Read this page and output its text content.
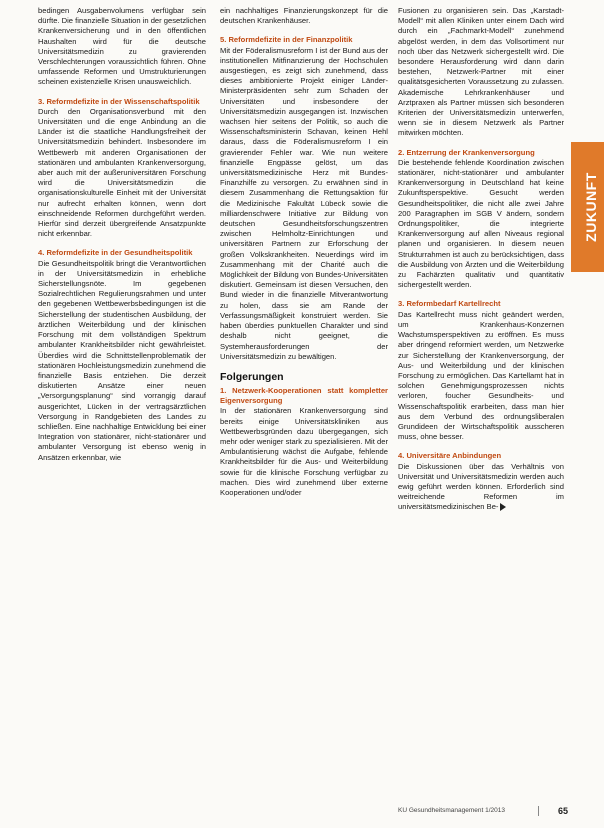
bedingen Ausgabenvolumens verfügbar sein dürfte. Die finanzielle Situation in der gesetzlichen Krankenversicherung und in den öffentlichen Haushalten wird für die deutsche Universitätsmedizin zu gravierenden Verschlechterungen voraussichtlich führen. Ohne umfassende Reformen und Umstrukturierungen scheinen existenzielle Krisen unausweichlich.

3. Reformdefizite in der Wissenschaftspolitik

Durch den Organisationsverbund mit den Universitäten und die enge Anbindung an die Länder ist die staatliche Handlungsfreiheit der Universitätsmedizin behindert. Insbesondere im Wettbewerb mit anderen Organisationen der stationären und ambulanten Krankenversorgung, aber auch mit der außeruniversitären Forschung wird die Universitätsmedizin die organisationskulturelle Einheit mit der Universität nur aufrecht erhalten können, wenn dort einschneidende Reformen durchgeführt werden. Hierfür sind derzeit übergreifende Ansatzpunkte nicht erkennbar.

4. Reformdefizite in der Gesundheitspolitik

Die Gesundheitspolitik bringt die Verantwortlichen in der Universitätsmedizin in erhebliche Sicherstellungsnöte. Im gegebenen Sozialrechtlichen Regulierungsrahmen und unter den gegebenen Wettbewerbsbedingungen ist die Sicherstellung der studentischen Ausbildung, der ärztlichen Weiterbildung und der klinischen Forschung mit dem vollständigen Spektrum ambulanter Krankheitsbilder nicht gewährleistet. Überdies wird die Schnittstellenproblematik der stationären Hochleistungsmedizin zunehmend die finanzielle Basis entziehen. Die derzeit diskutierten Ansätze einer neuen „Versorgungsplanung“ sind vorrangig darauf ausgerichtet, Lücken in der vertragsärztlichen Versorgung in Randgebieten des Landes zu schließen. Eine nachhaltige Entwicklung bei einer Integration von stationärer, nicht-stationärer und ambulanter Versorgung ist ebenso wenig in Ansätzen erkennbar, wie

ein nachhaltiges Finanzierungskonzept für die deutschen Krankenhäuser.

5. Reformdefizite in der Finanzpolitik

Mit der Föderalismusreform I ist der Bund aus der institutionellen Mitfinanzierung der Hochschulen ausgestiegen, es zeigt sich zunehmend, dass dieses ambitionierte Projekt einiger Länder-Ministerpräsidenten sehr zum Schaden der Universitäten und insbesondere der Universitätsmedizin ausgegangen ist. Inzwischen wachsen hier seitens der Politik, so auch die Wissenschaftsministerin Schavan, keinen Hehl daraus, dass die Föderalismusreform I ein gravierender Fehler war. Wie nun weitere finanzielle Engpässe gelöst, um das universitätsmedizinische Herz mit Bundes-Finanzhilfe zu versorgen. Zu erwähnen sind in diesem Zusammenhang die Rettungsaktion für die Medizinische Fakultät Lübeck sowie die milliardenschwere Initiative zur Bildung von deutschen Gesundheitsforschungszentren zwischen Helmholtz-Einrichtungen und universitären Partnern zur Erforschung der großen Volkskrankheiten. Neuerdings wird im Zusammenhang mit der Charité auch die Möglichkeit der Bildung von Bundes-Universitäten diskutiert. Gemeinsam ist diesen Versuchen, den Bund wieder in die finanzielle Mitverantwortung zu holen, dass sie am Rande der Verfassungsmäßigkeit konstruiert werden. Sie haben überdies punktuellen Charakter und sind deshalb nicht geeignet, die Systemherausforderungen der Universitätsmedizin zu bewältigen.

Folgerungen
1. Netzwerk-Kooperationen statt kompletter Eigenversorgung

In der stationären Krankenversorgung sind bereits einige Universitätskliniken aus Wettbewerbsgründen dazu übergegangen, sich mehr oder weniger stark zu spezialisieren. Mit der Ambulantisierung wächst die Aufgabe, fehlende Krankheitsbilder für die Aus- und Weiterbildung sowie für die klinische Forschung verfügbar zu machen. Dies wird zunehmend über externe Kooperationen und/oder

Fusionen zu organisieren sein. Das „Karstadt-Modell“ mit allen Kliniken unter einem Dach wird durch ein „Fachmarkt-Modell“ zunehmend abgelöst werden, in dem das Vollsortiment nur noch über das Netzwerk sichergestellt wird. Die besondere Herausforderung wird dann darin bestehen, Netzwerk-Partner mit einer qualitätsgesicherten Voraussetzung zu zulassen. Akademische Lehrkrankenhäuser und Arztpraxen als Partner müssen sich besonderen Kriterien der Universitätsmedizin unterwerfen, wenn sie in diesem Netzwerk als Partner mitwirken möchten.

2. Entzerrung der Krankenversorgung

Die bestehende fehlende Koordination zwischen stationärer, nicht-stationärer und ambulanter Krankenversorgung in Deutschland hat keine Zukunftsperspektive. Gesucht werden Gesundheitspolitiker, die nicht alle zwei Jahre 200 Paragraphen im SGB V ändern, sondern Ordnungspolitiker, die integrierte Krankenversorgung auf allen Niveaus regional planen und organisieren. In diesem neuen Strukturrahmen ist auch zu berücksichtigen, dass die Ausbildung von Ärzten und die Weiterbildung zu Fachärzten qualitativ und quantitativ sichergestellt werden.

3. Reformbedarf Kartellrecht

Das Kartellrecht muss nicht geändert werden, um Krankenhaus-Konzernen Wachstumsperspektiven zu eröffnen. Es muss aber dringend reformiert werden, um Netzwerke zur Sicherstellung der Krankenversorgung, der Aus- und Weiterbildung und der klinischen Forschung zu ermöglichen. Das Kartellamt hat in solchen Genehmigungsprozessen nichts verloren, foucher Gesundheits- und Wissenschaftspolitik erarbeiten, dass man hier aus dem Verbund des ordnungsliberalen Grundideen der Wirtschaftspolitik ausscheren muss, ohne besser.

4. Universitäre Anbindungen

Die Diskussionen über das Verhältnis von Universität und Universitätsmedizin werden auch ewig geführt werden können. Erforderlich sind weitreichende Reformen im universitätsmedizinischen Be-

ZUKUNFT
KU Gesundheitsmanagement 1/2013	65
